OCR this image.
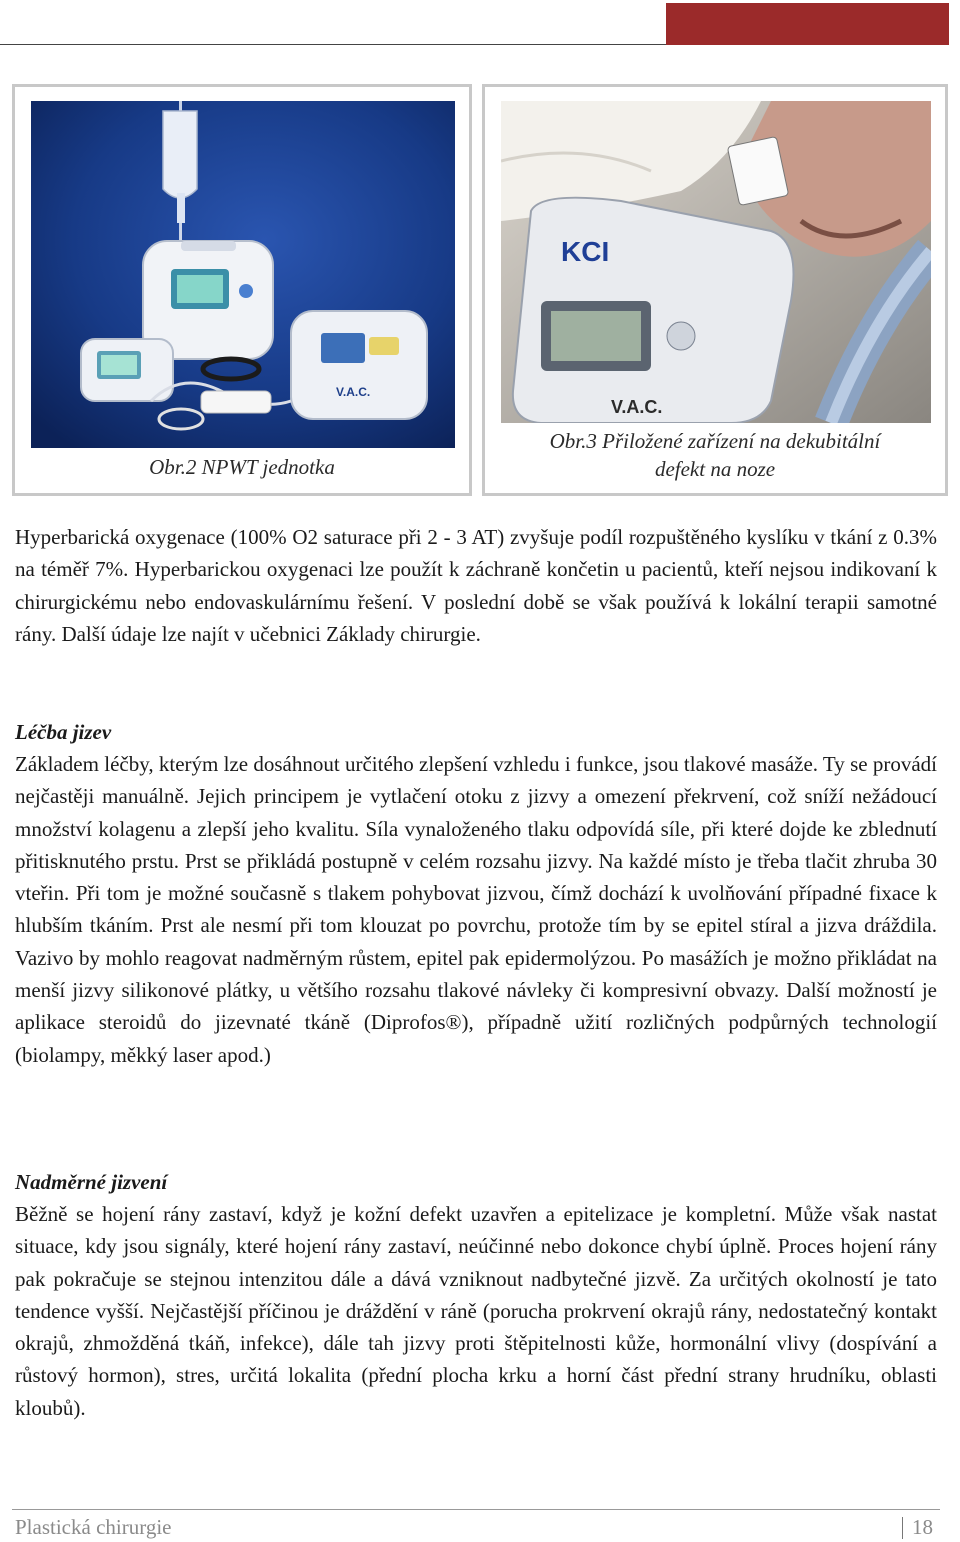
V.A.C.
Obr.2 NPWT jednotka
KCI
V.A.C.
Obr.3 Přiložené zařízení na dekubitální
defekt na noze

Hyperbarická oxygenace (100% O2 saturace při 2 - 3 AT) zvyšuje podíl rozpuštěného kyslíku v tkání z 0.3% na téměř 7%. Hyperbarickou oxygenaci lze použít k záchraně končetin u pacientů, kteří nejsou indikovaní k chirurgickému nebo endovaskulárnímu řešení. V poslední době se však používá k lokální terapii samotné rány. Další údaje lze najít v učebnici Základy chirurgie.

Léčba jizev

Základem léčby, kterým lze dosáhnout určitého zlepšení vzhledu i funkce, jsou tlakové masáže. Ty se provádí nejčastěji manuálně. Jejich principem je vytlačení otoku z jizvy a omezení překrvení, což sníží nežádoucí množství kolagenu a zlepší jeho kvalitu. Síla vynaloženého tlaku odpovídá síle, při které dojde ke zblednutí přitisknutého prstu. Prst se přikládá postupně v celém rozsahu jizvy. Na každé místo je třeba tlačit zhruba 30 vteřin. Při tom je možné současně s tlakem pohybovat jizvou, čímž dochází k uvolňování případné fixace k hlubším tkáním. Prst ale nesmí při tom klouzat po povrchu, protože tím by se epitel stíral a jizva dráždila. Vazivo by mohlo reagovat nadměrným růstem, epitel pak epidermolýzou. Po masážích je možno přikládat na menší jizvy silikonové plátky, u většího rozsahu tlakové návleky či kompresivní obvazy. Další možností je aplikace steroidů do jizevnaté tkáně (Diprofos®), případně užití rozličných podpůrných technologií (biolampy, měkký laser apod.)

Nadměrné jizvení

Běžně se hojení rány zastaví, když je kožní defekt uzavřen a epitelizace je kompletní. Může však nastat situace, kdy jsou signály, které hojení rány zastaví, neúčinné nebo dokonce chybí úplně. Proces hojení rány pak pokračuje se stejnou intenzitou dále a dává vzniknout nadbytečné jizvě. Za určitých okolností je tato tendence vyšší. Nejčastější příčinou je dráždění v ráně (porucha prokrvení okrajů rány, nedostatečný kontakt okrajů, zhmožděná tkáň, infekce), dále tah jizvy proti štěpitelnosti kůže, hormonální vlivy (dospívání a růstový hormon), stres, určitá lokalita (přední plocha krku a horní část přední strany hrudníku, oblasti kloubů).

Plastická chirurgie	18
